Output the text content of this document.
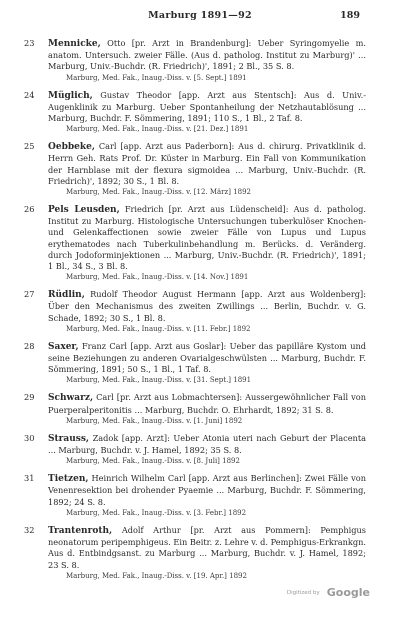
Marburg 1891—92	189
23	Mennicke, Otto [pr. Arzt in Brandenburg]: Ueber Syringomyelie m. anatom. Untersuch. zweier Fälle. (Aus d. patholog. Institut zu Marburg)' ... Marburg, Univ.-Buchdr. (R. Friedrich)', 1891; 2 Bl., 35 S. 8.
Marburg, Med. Fak., Inaug.-Diss. v. [5. Sept.] 1891
24	Müglich, Gustav Theodor [app. Arzt aus Stentsch]: Aus d. Univ.-Augenklinik zu Marburg. Ueber Spontanheilung der Netzhautablösung ... Marburg, Buchdr. F. Sömmering, 1891; 110 S., 1 Bl., 2 Taf. 8.
Marburg, Med. Fak., Inaug.-Diss. v. [21. Dez.] 1891
25	Oebbeke, Carl [app. Arzt aus Paderborn]: Aus d. chirurg. Privatklinik d. Herrn Geh. Rats Prof. Dr. Küster in Marburg. Ein Fall von Kommunikation der Harnblase mit der flexura sigmoidea ... Marburg, Univ.-Buchdr. (R. Friedrich)', 1892; 30 S., 1 Bl. 8.
Marburg, Med. Fak., Inaug.-Diss. v. [12. März] 1892
26	Pels Leusden, Friedrich [pr. Arzt aus Lüdenscheid]: Aus d. patholog. Institut zu Marburg. Histologische Untersuchungen tuberkulöser Knochen- und Gelenkaffectionen sowie zweier Fälle von Lupus und Lupus erythematodes nach Tuberkulinbehandlung m. Berücks. d. Veränderg. durch Jodoforminjektionen ... Marburg, Univ.-Buchdr. (R. Friedrich)', 1891; 1 Bl., 34 S., 3 Bl. 8.
Marburg, Med. Fak., Inaug.-Diss. v. [14. Nov.] 1891
27	Rüdlin, Rudolf Theodor August Hermann [app. Arzt aus Woldenberg]: Über den Mechanismus des zweiten Zwillings ... Berlin, Buchdr. v. G. Schade, 1892; 30 S., 1 Bl. 8.
Marburg, Med. Fak., Inaug.-Diss. v. [11. Febr.] 1892
28	Saxer, Franz Carl [app. Arzt aus Goslar]: Ueber das papilläre Kystom und seine Beziehungen zu anderen Ovarialgeschwülsten ... Marburg, Buchdr. F. Sömmering, 1891; 50 S., 1 Bl., 1 Taf. 8.
Marburg, Med. Fak., Inaug.-Diss. v. [31. Sept.] 1891
29	Schwarz, Carl [pr. Arzt aus Lobmachtersen]: Aussergewöhnlicher Fall von Puerperalperitonitis ... Marburg, Buchdr. O. Ehrhardt, 1892; 31 S. 8.
Marburg, Med. Fak., Inaug.-Diss. v. [1. Juni] 1892
30	Strauss, Zadok [app. Arzt]: Ueber Atonia uteri nach Geburt der Placenta ... Marburg, Buchdr. v. J. Hamel, 1892; 35 S. 8.
Marburg, Med. Fak., Inaug.-Diss. v. [8. Juli] 1892
31	Tietzen, Heinrich Wilhelm Carl [app. Arzt aus Berlinchen]: Zwei Fälle von Venenresektion bei drohender Pyaemie ... Marburg, Buchdr. F. Sömmering, 1892; 24 S. 8.
Marburg, Med. Fak., Inaug.-Diss. v. [3. Febr.] 1892
32	Trantenroth, Adolf Arthur [pr. Arzt aus Pommern]: Pemphigus neonatorum peripemphigeus. Ein Beitr. z. Lehre v. d. Pemphigus-Erkrankgn. Aus d. Entbindgsanst. zu Marburg ... Marburg, Buchdr. v. J. Hamel, 1892; 23 S. 8.
Marburg, Med. Fak., Inaug.-Diss. v. [19. Apr.] 1892
Digitized by Google
